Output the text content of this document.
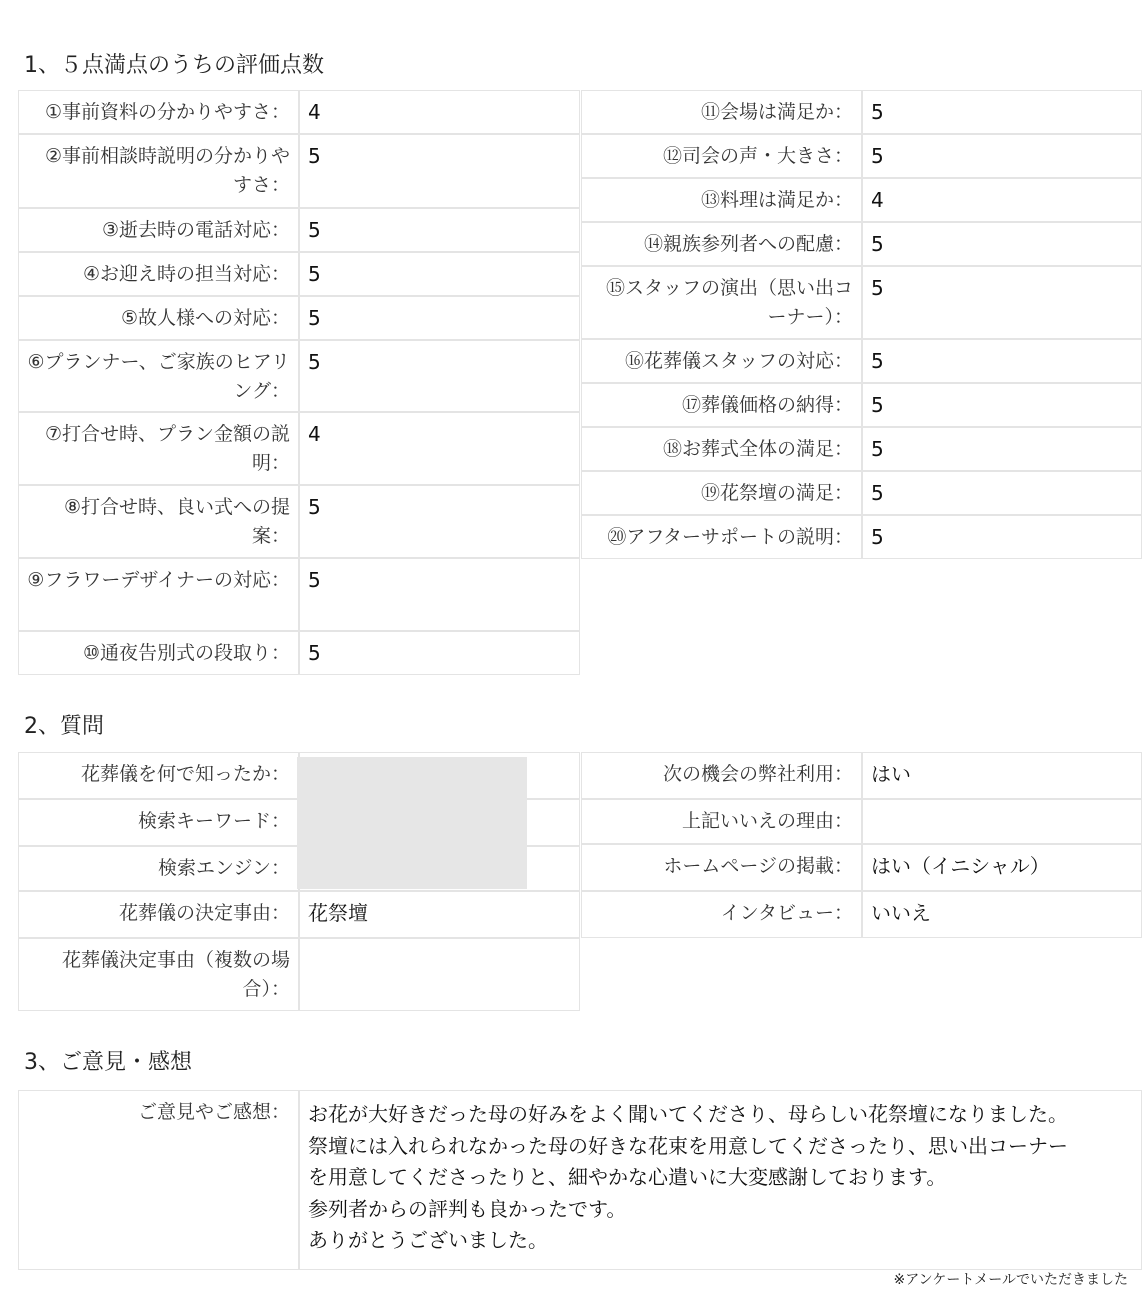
1、５点満点のうちの評価点数
①事前資料の分かりやすさ： 4
②事前相談時説明の分かりやすさ：
5
③逝去時の電話対応： 5
④お迎え時の担当対応： 5
⑤故人様への対応： 5
⑥プランナー、ご家族のヒアリング：
5
⑦打合せ時、プラン金額の説明：
4
⑧打合せ時、良い式への提案：
5
⑨フラワーデザイナーの対応： 5
⑩通夜告別式の段取り： 5
⑪会場は満足か： 5
⑫司会の声・大きさ： 5
⑬料理は満足か： 4
⑭親族参列者への配慮： 5
⑮スタッフの演出（思い出コーナー）：
5
⑯花葬儀スタッフの対応： 5
⑰葬儀価格の納得： 5
⑱お葬式全体の満足： 5
⑲花祭壇の満足： 5
⑳アフターサポートの説明： 5
2、質問
花葬儀を何で知ったか：
検索キーワード：
検索エンジン：
花葬儀の決定事由： 花祭壇
花葬儀決定事由（複数の場合）：
次の機会の弊社利用： はい
上記いいえの理由：
ホームページの掲載： はい（イニシャル）
インタビュー： いいえ
3、ご意見・感想
ご意見やご感想： お花が大好きだった母の好みをよく聞いてくださり、母らしい花祭壇になりました。
祭壇には入れられなかった母の好きな花束を用意してくださったり、思い出コーナー
を用意してくださったりと、細やかな心遣いに大変感謝しております。
参列者からの評判も良かったです。
ありがとうございました。
※アンケートメールでいただきました
